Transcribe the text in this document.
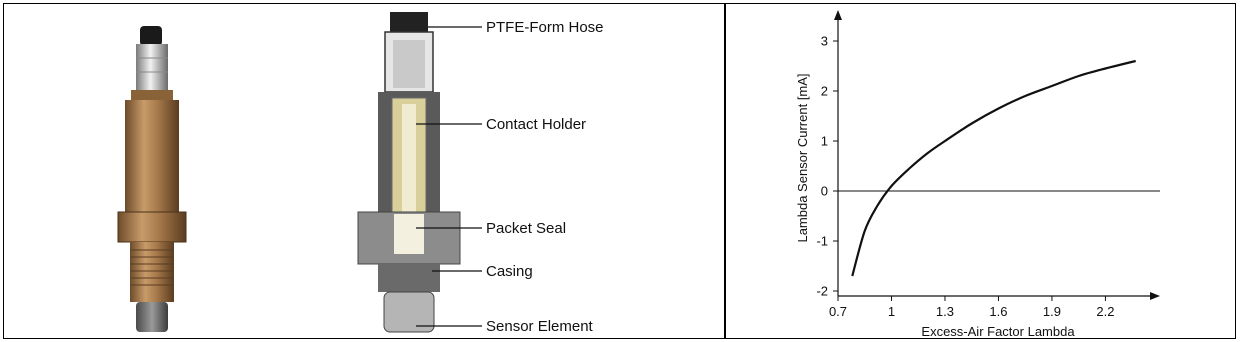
PTFE-Form Hose
Contact Holder
Packet Seal
Casing
Sensor Element
-2
-1
0
1
2
3
0.7	1	1.3	1.6	1.9	2.2
Excess-Air Factor Lambda
Lambda Sensor Current [mA]
